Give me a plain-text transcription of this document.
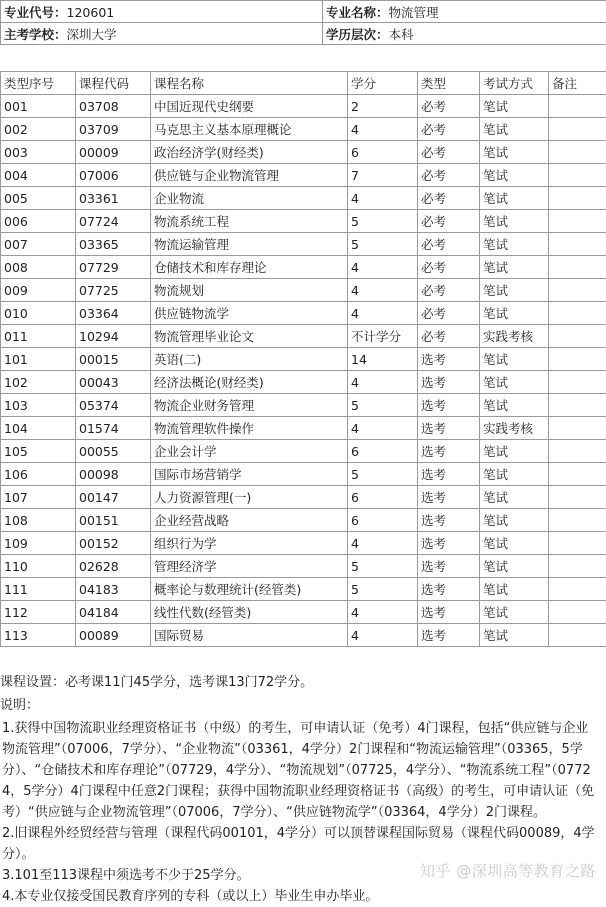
专业代号：120601	专业名称：物流管理
主考学校：深圳大学	学历层次：本科
类型序号	课程代码	课程名称	学分	类型	考试方式	备注
001	03708	中国近现代史纲要	2	必考	笔试	
002	03709	马克思主义基本原理概论	4	必考	笔试	
003	00009	政治经济学(财经类)	6	必考	笔试	
004	07006	供应链与企业物流管理	7	必考	笔试	
005	03361	企业物流	4	必考	笔试	
006	07724	物流系统工程	5	必考	笔试	
007	03365	物流运输管理	5	必考	笔试	
008	07729	仓储技术和库存理论	4	必考	笔试	
009	07725	物流规划	4	必考	笔试	
010	03364	供应链物流学	4	必考	笔试	
011	10294	物流管理毕业论文	不计学分	必考	实践考核	
101	00015	英语(二)	14	选考	笔试	
102	00043	经济法概论(财经类)	4	选考	笔试	
103	05374	物流企业财务管理	5	选考	笔试	
104	01574	物流管理软件操作	4	选考	实践考核	
105	00055	企业会计学	6	选考	笔试	
106	00098	国际市场营销学	5	选考	笔试	
107	00147	人力资源管理(一)	6	选考	笔试	
108	00151	企业经营战略	6	选考	笔试	
109	00152	组织行为学	4	选考	笔试	
110	02628	管理经济学	5	选考	笔试	
111	04183	概率论与数理统计(经管类)	5	选考	笔试	
112	04184	线性代数(经管类)	4	选考	笔试	
113	00089	国际贸易	4	选考	笔试	
课程设置：必考课11门45学分，选考课13门72学分。
说明：

1.获得中国物流职业经理资格证书（中级）的考生，可申请认证（免考）4门课程，包括“供应链与企业物流管理”（07006，7学分）、“企业物流”（03361，4学分）2门课程和“物流运输管理”（03365，5学分）、“仓储技术和库存理论”（07729，4学分）、“物流规划”（07725，4学分）、“物流系统工程”（07724，5学分）4门课程中任意2门课程；获得中国物流职业经理资格证书（高级）的考生，可申请认证（免考）“供应链与企业物流管理”（07006，7学分）、“供应链物流学”（03364，4学分）2门课程。

2.旧课程外经贸经营与管理（课程代码00101，4学分）可以顶替课程国际贸易（课程代码00089，4学分）。

3.101至113课程中须选考不少于25学分。

4.本专业仅接受国民教育序列的专科（或以上）毕业生申办毕业。

知乎 @深圳高等教育之路
